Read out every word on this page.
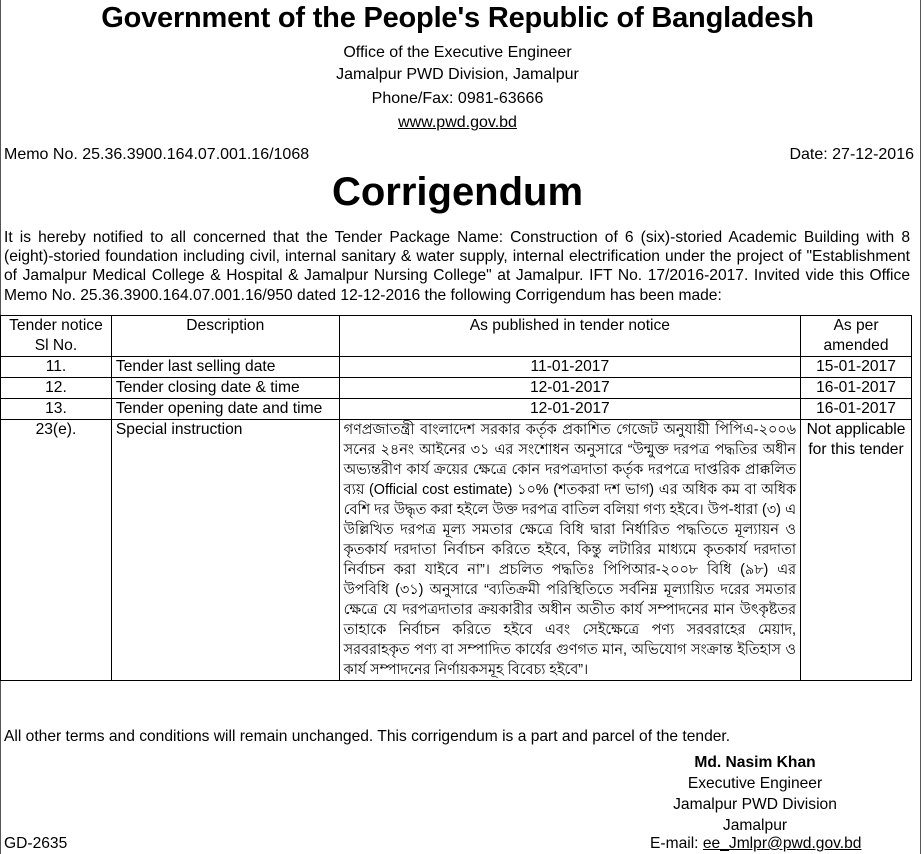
Government of the People's Republic of Bangladesh
Office of the Executive Engineer
Jamalpur PWD Division, Jamalpur
Phone/Fax: 0981-63666
www.pwd.gov.bd
Memo No. 25.36.3900.164.07.001.16/1068	Date: 27-12-2016
Corrigendum
It is hereby notified to all concerned that the Tender Package Name: Construction of 6 (six)-storied Academic Building with 8 (eight)-storied foundation including civil, internal sanitary & water supply, internal electrification under the project of "Establishment of Jamalpur Medical College & Hospital & Jamalpur Nursing College" at Jamalpur. IFT No. 17/2016-2017. Invited vide this Office Memo No. 25.36.3900.164.07.001.16/950 dated 12-12-2016 the following Corrigendum has been made:
Tender notice Sl No.	Description	As published in tender notice	As per amended
11.	Tender last selling date	11-01-2017	15-01-2017
12.	Tender closing date & time	12-01-2017	16-01-2017
13.	Tender opening date and time	12-01-2017	16-01-2017
23(e).	Special instruction	গণপ্রজাতন্ত্রী বাংলাদেশ সরকার কর্তৃক প্রকাশিত গেজেট অনুযায়ী পিপিএ-২০০৬ সনের ২৪নং আইনের ৩১ এর সংশোধন অনুসারে “উন্মুক্ত দরপত্র পদ্ধতির অধীন অভ্যন্তরীণ কার্য ক্রয়ের ক্ষেত্রে কোন দরপত্রদাতা কর্তৃক দরপত্রে দাপ্তরিক প্রাক্কলিত ব্যয় (Official cost estimate) ১০% (শতকরা দশ ভাগ) এর অধিক কম বা অধিক বেশি দর উদ্ধৃত করা হইলে উক্ত দরপত্র বাতিল বলিয়া গণ্য হইবে। উপ-ধারা (৩) এ উল্লিখিত দরপত্র মূল্য সমতার ক্ষেত্রে বিধি দ্বারা নির্ধারিত পদ্ধতিতে মূল্যায়ন ও কৃতকার্য দরদাতা নির্বাচন করিতে হইবে, কিন্তু লটারির মাধ্যমে কৃতকার্য দরদাতা নির্বাচন করা যাইবে না”। প্রচলিত পদ্ধতিঃ পিপিআর-২০০৮ বিধি (৯৮) এর উপবিধি (৩১) অনুসারে “ব্যতিক্রমী পরিস্থিতিতে সর্বনিম্ন মূল্যায়িত দরের সমতার ক্ষেত্রে যে দরপত্রদাতার ক্রয়কারীর অধীন অতীত কার্য সম্পাদনের মান উৎকৃষ্টতর তাহাকে নির্বাচন করিতে হইবে এবং সেইক্ষেত্রে পণ্য সরবরাহের মেয়াদ, সরবরাহকৃত পণ্য বা সম্পাদিত কার্যের গুণগত মান, অভিযোগ সংক্রান্ত ইতিহাস ও কার্য সম্পাদনের নির্ণায়কসমূহ বিবেচ্য হইবে”।	Not applicable for this tender
All other terms and conditions will remain unchanged. This corrigendum is a part and parcel of the tender.
Md. Nasim Khan
Executive Engineer
Jamalpur PWD Division
Jamalpur
GD-2635	E-mail: ee_Jmlpr@pwd.gov.bd
